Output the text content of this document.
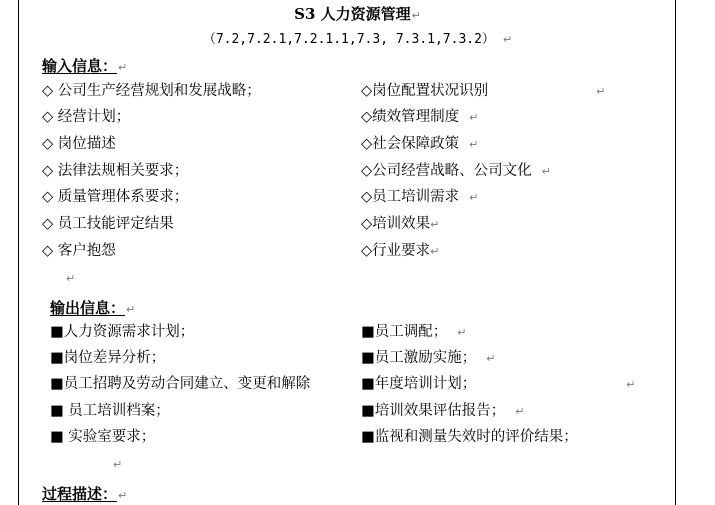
S3 人力资源管理↵
（7.2,7.2.1,7.2.1.1,7.3, 7.3.1,7.3.2） ↵
输入信息：↵
◇ 公司生产经营规划和发展战略；
◇ 经营计划；
◇ 岗位描述
◇ 法律法规相关要求；
◇ 质量管理体系要求；
◇ 员工技能评定结果
◇ 客户抱怨
◇岗位配置状况识别	↵
◇绩效管理制度 ↵
◇社会保障政策 ↵
◇公司经营战略、公司文化 ↵
◇员工培训需求 ↵
◇培训效果↵
◇行业要求↵
↵
输出信息：↵
■人力资源需求计划；
■岗位差异分析；
■员工招聘及劳动合同建立、变更和解除
■ 员工培训档案；
■ 实验室要求；
■员工调配； ↵
■员工激励实施； ↵
■年度培训计划；	↵
■培训效果评估报告； ↵
■监视和测量失效时的评价结果；
↵
过程描述：↵
